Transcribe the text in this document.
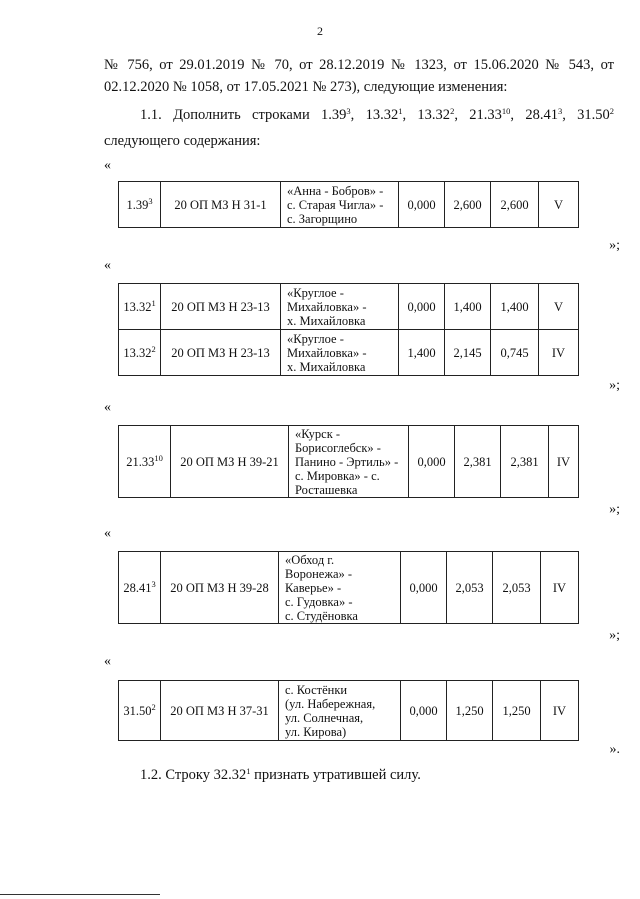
2
№ 756, от 29.01.2019 № 70, от 28.12.2019 № 1323, от 15.06.2020 № 543, от
02.12.2020 № 1058, от 17.05.2021 № 273), следующие изменения:
1.1. Дополнить строками 1.39$^3$, 13.32$^1$, 13.32$^2$, 21.33$^{10}$, 28.41$^3$, 31.50$^2$
следующего содержания:
«
1.39$^3$	20 ОП МЗ Н 31-1	
«Анна - Бобров» -
с. Старая Чигла» -
с. Загорщино
	0,000	2,600	2,600	V
»;
«
13.32$^1$	20 ОП МЗ Н 23-13	«Круглое -
Михайловка» -
х. Михайловка	0,000	1,400	1,400	V
13.32$^2$	20 ОП МЗ Н 23-13	«Круглое -
Михайловка» -
х. Михайловка	1,400	2,145	0,745	IV
»;
«
21.33$^{10}$	20 ОП МЗ Н 39-21	
«Курск -
Борисоглебск» -
Панино - Эртиль» -
с. Мировка» - с.
Росташевка
	0,000	2,381	2,381	IV
»;
«
28.41$^3$	20 ОП МЗ Н 39-28	
«Обход г.
Воронежа» -
Каверье» -
с. Гудовка» -
с. Студёновка
	0,000	2,053	2,053	IV
»;
«
31.50$^2$	20 ОП МЗ Н 37-31	
с. Костёнки
(ул. Набережная,
ул. Солнечная,
ул. Кирова)
	0,000	1,250	1,250	IV
».
1.2. Строку 32.32$^1$ признать утратившей силу.
